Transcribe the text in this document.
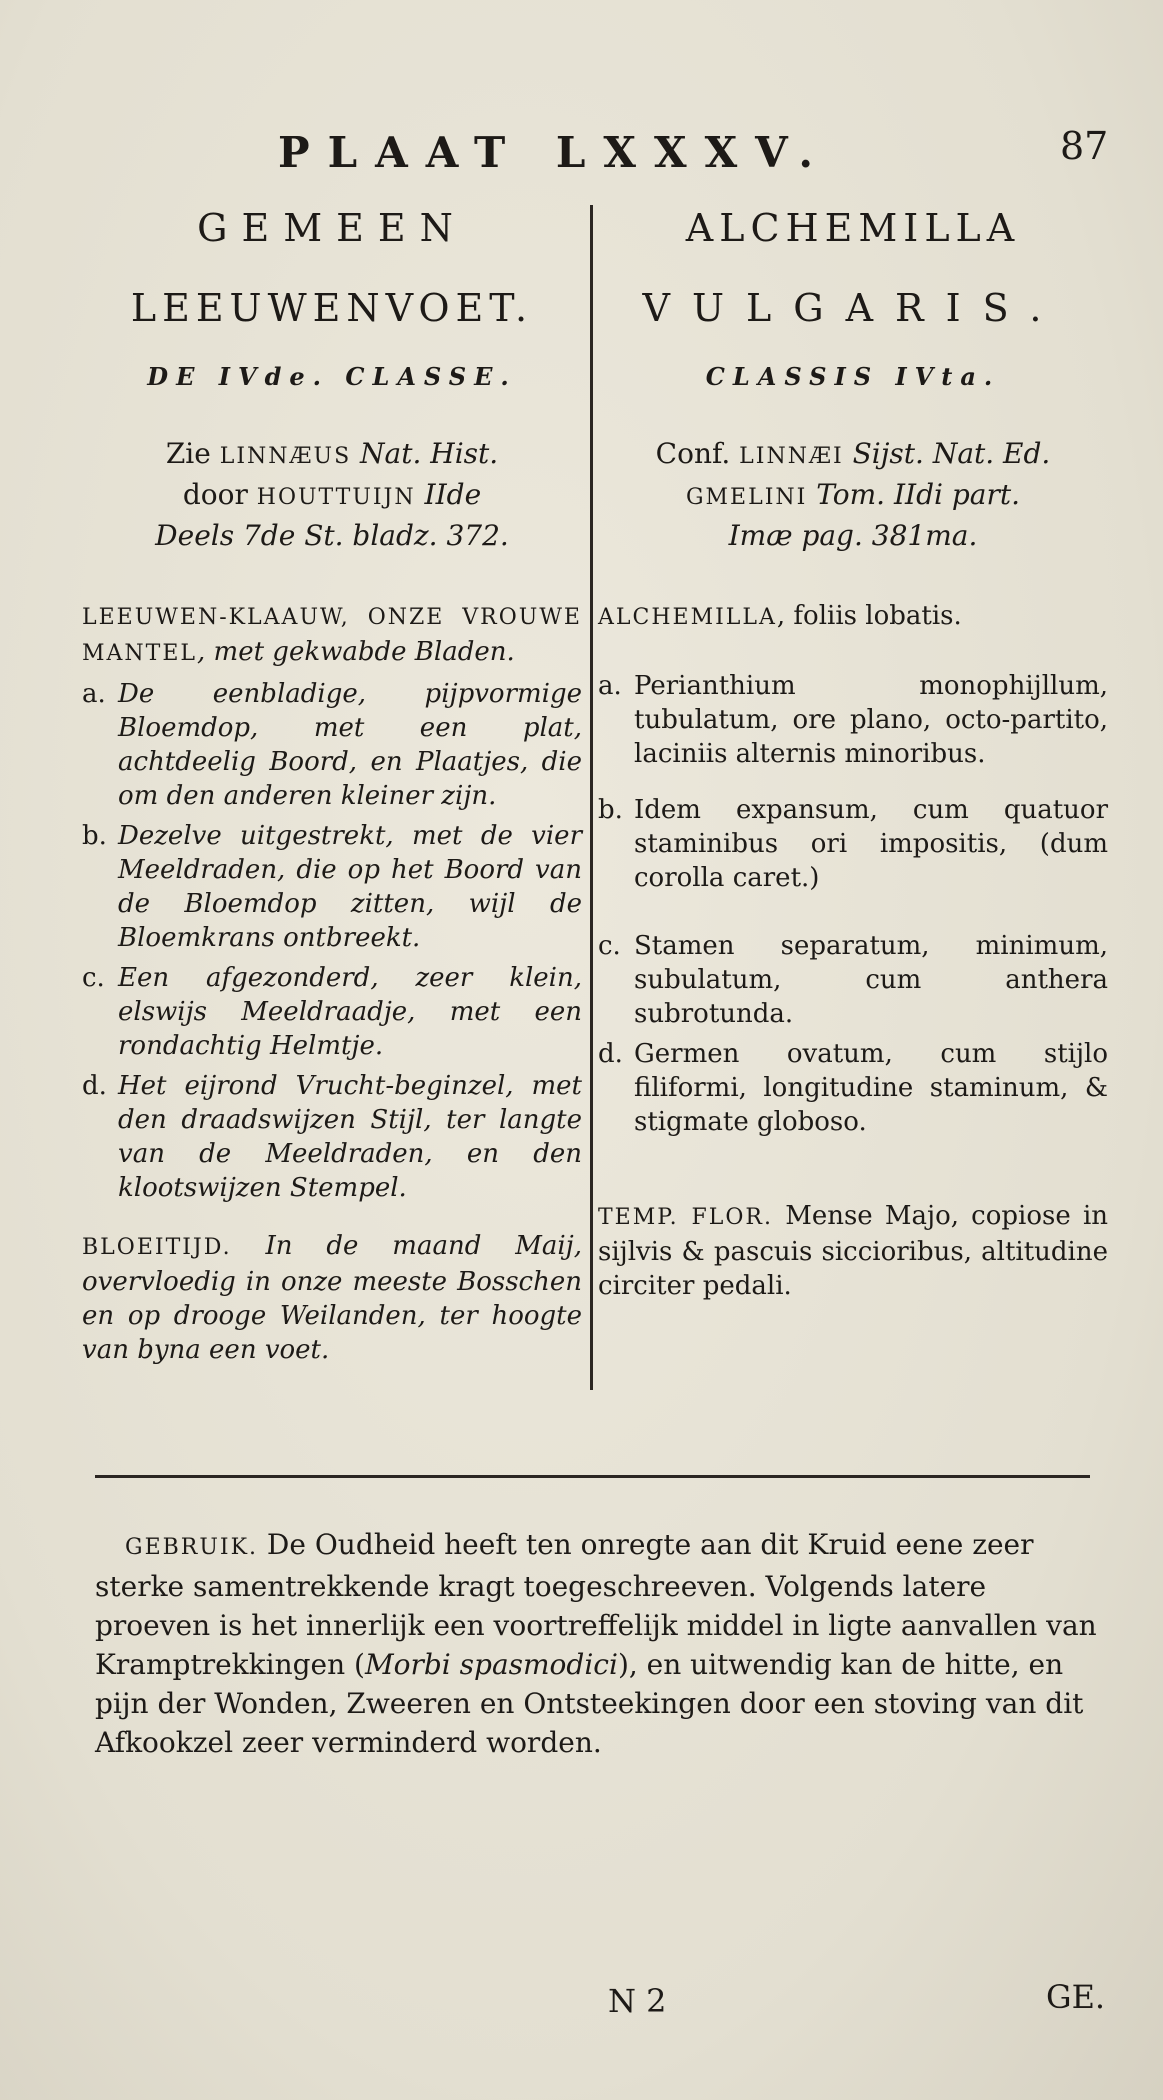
PLAAT LXXXV.	87
GEMEEN
LEEUWENVOET.
DE IVde. CLASSE.
Zie LINNÆUS Nat. Hist.
door HOUTTUIJN IIde
Deels 7de St. bladz. 372.
LEEUWEN-KLAAUW, ONZE VROUWE MANTEL, met gekwabde Bladen.
a. De eenbladige, pijpvormige Bloemdop, met een plat, achtdeelig Boord, en Plaatjes, die om den anderen kleiner zijn.
b. Dezelve uitgestrekt, met de vier Meeldraden, die op het Boord van de Bloemdop zitten, wijl de Bloemkrans ontbreekt.
c. Een afgezonderd, zeer klein, elswijs Meeldraadje, met een rondachtig Helmtje.
d. Het eijrond Vrucht-beginzel, met den draadswijzen Stijl, ter langte van de Meeldraden, en den klootswijzen Stempel.
BLOEITIJD. In de maand Maij, overvloedig in onze meeste Bosschen en op drooge Weilanden, ter hoogte van byna een voet.
ALCHEMILLA
VULGARIS.
CLASSIS IVta.
Conf. LINNÆI Sijst. Nat. Ed.
GMELINI Tom. IIdi part.
Imæ pag. 381ma.
ALCHEMILLA, foliis lobatis.
a. Perianthium monophijllum, tubulatum, ore plano, octo-partito, laciniis alternis minoribus.
b. Idem expansum, cum quatuor staminibus ori impositis, (dum corolla caret.)
c. Stamen separatum, minimum, subulatum, cum anthera subrotunda.
d. Germen ovatum, cum stijlo filiformi, longitudine staminum, & stigmate globoso.
TEMP. FLOR. Mense Majo, copiose in sijlvis & pascuis siccioribus, altitudine circiter pedali.
GEBRUIK. De Oudheid heeft ten onregte aan dit Kruid eene zeer sterke samentrekkende kragt toegeschreeven. Volgends latere proeven is het innerlijk een voortreffelijk middel in ligte aanvallen van Kramptrekkingen (Morbi spasmodici), en uitwendig kan de hitte, en pijn der Wonden, Zweeren en Ontsteekingen door een stoving van dit Afkookzel zeer verminderd worden.
N 2	GE.
